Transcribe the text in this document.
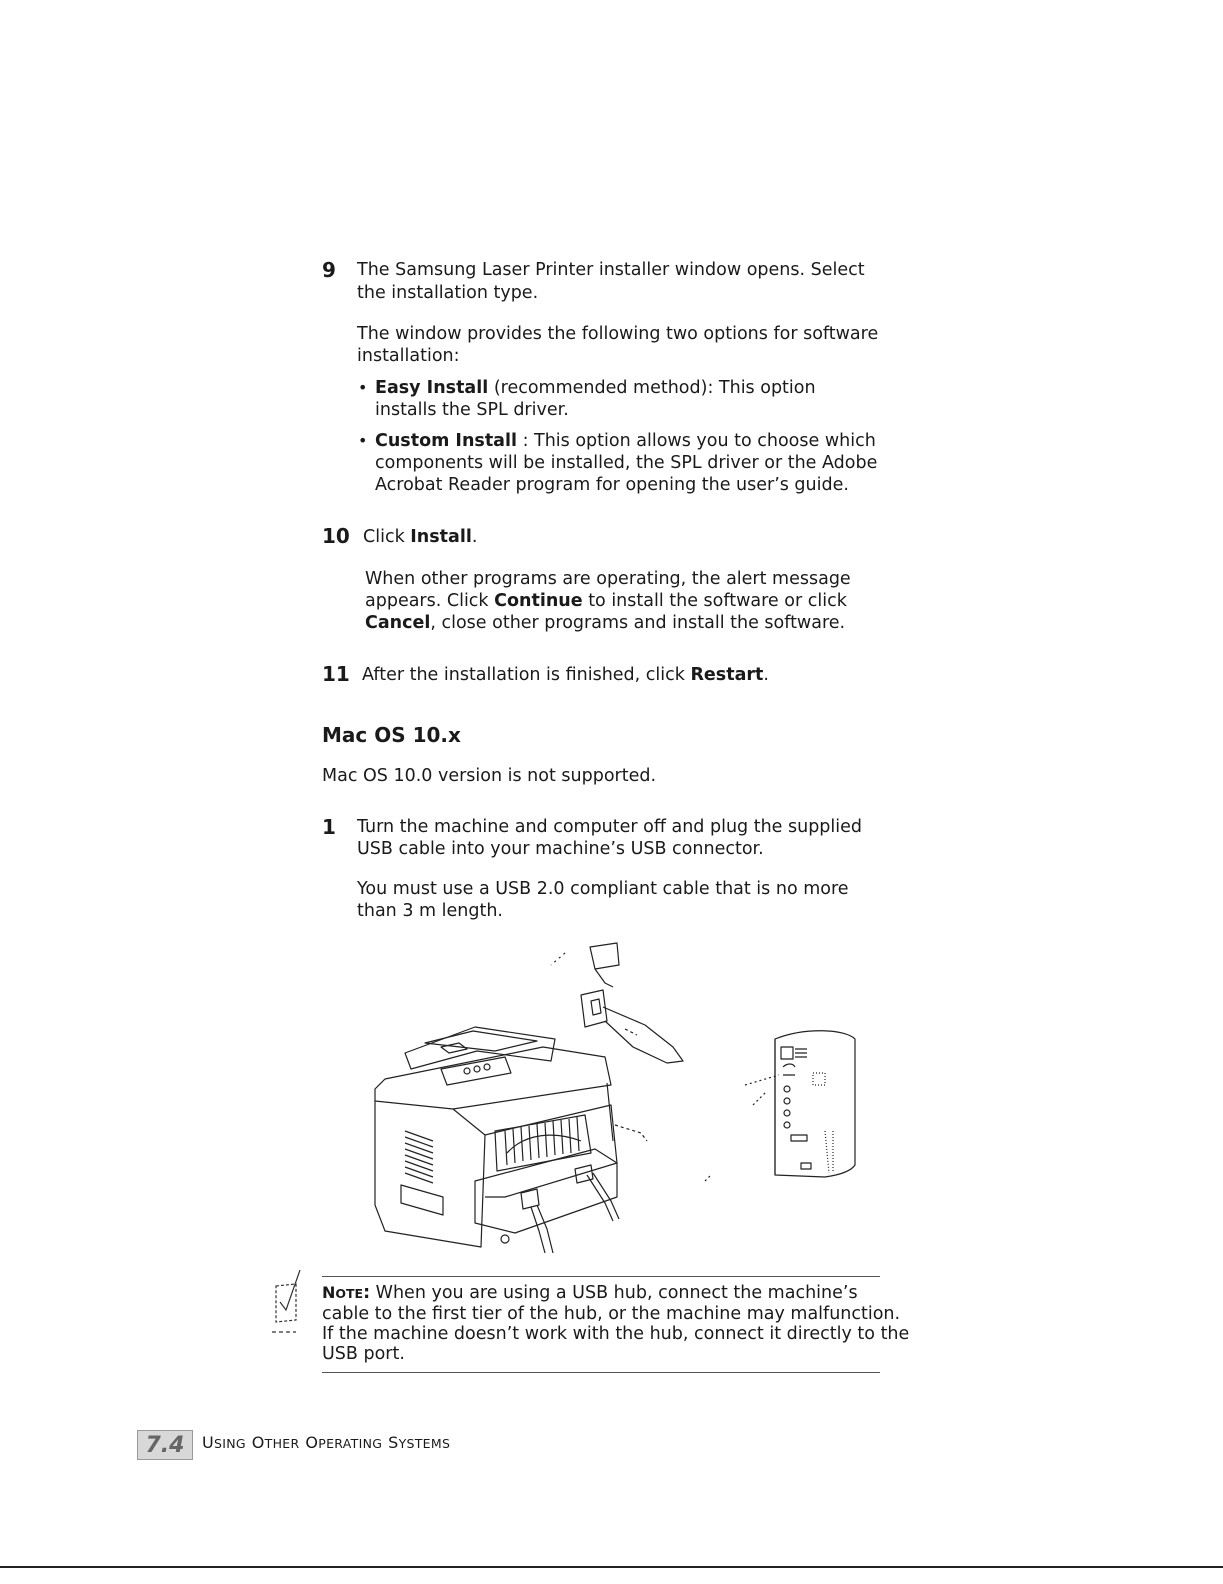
9 The Samsung Laser Printer installer window opens. Select
the installation type.
The window provides the following two options for software
installation:
• Easy Install (recommended method): This option
installs the SPL driver.
• Custom Install : This option allows you to choose which
components will be installed, the SPL driver or the Adobe
Acrobat Reader program for opening the user’s guide.
10 Click Install.
When other programs are operating, the alert message
appears. Click Continue to install the software or click
Cancel, close other programs and install the software.
11 After the installation is finished, click Restart.
Mac OS 10.x
Mac OS 10.0 version is not supported.
1 Turn the machine and computer off and plug the supplied
USB cable into your machine’s USB connector.
You must use a USB 2.0 compliant cable that is no more
than 3 m length.
NOTE: When you are using a USB hub, connect the machine’s
cable to the first tier of the hub, or the machine may malfunction.
If the machine doesn’t work with the hub, connect it directly to the
USB port.
7.4 USING OTHER OPERATING SYSTEMS
